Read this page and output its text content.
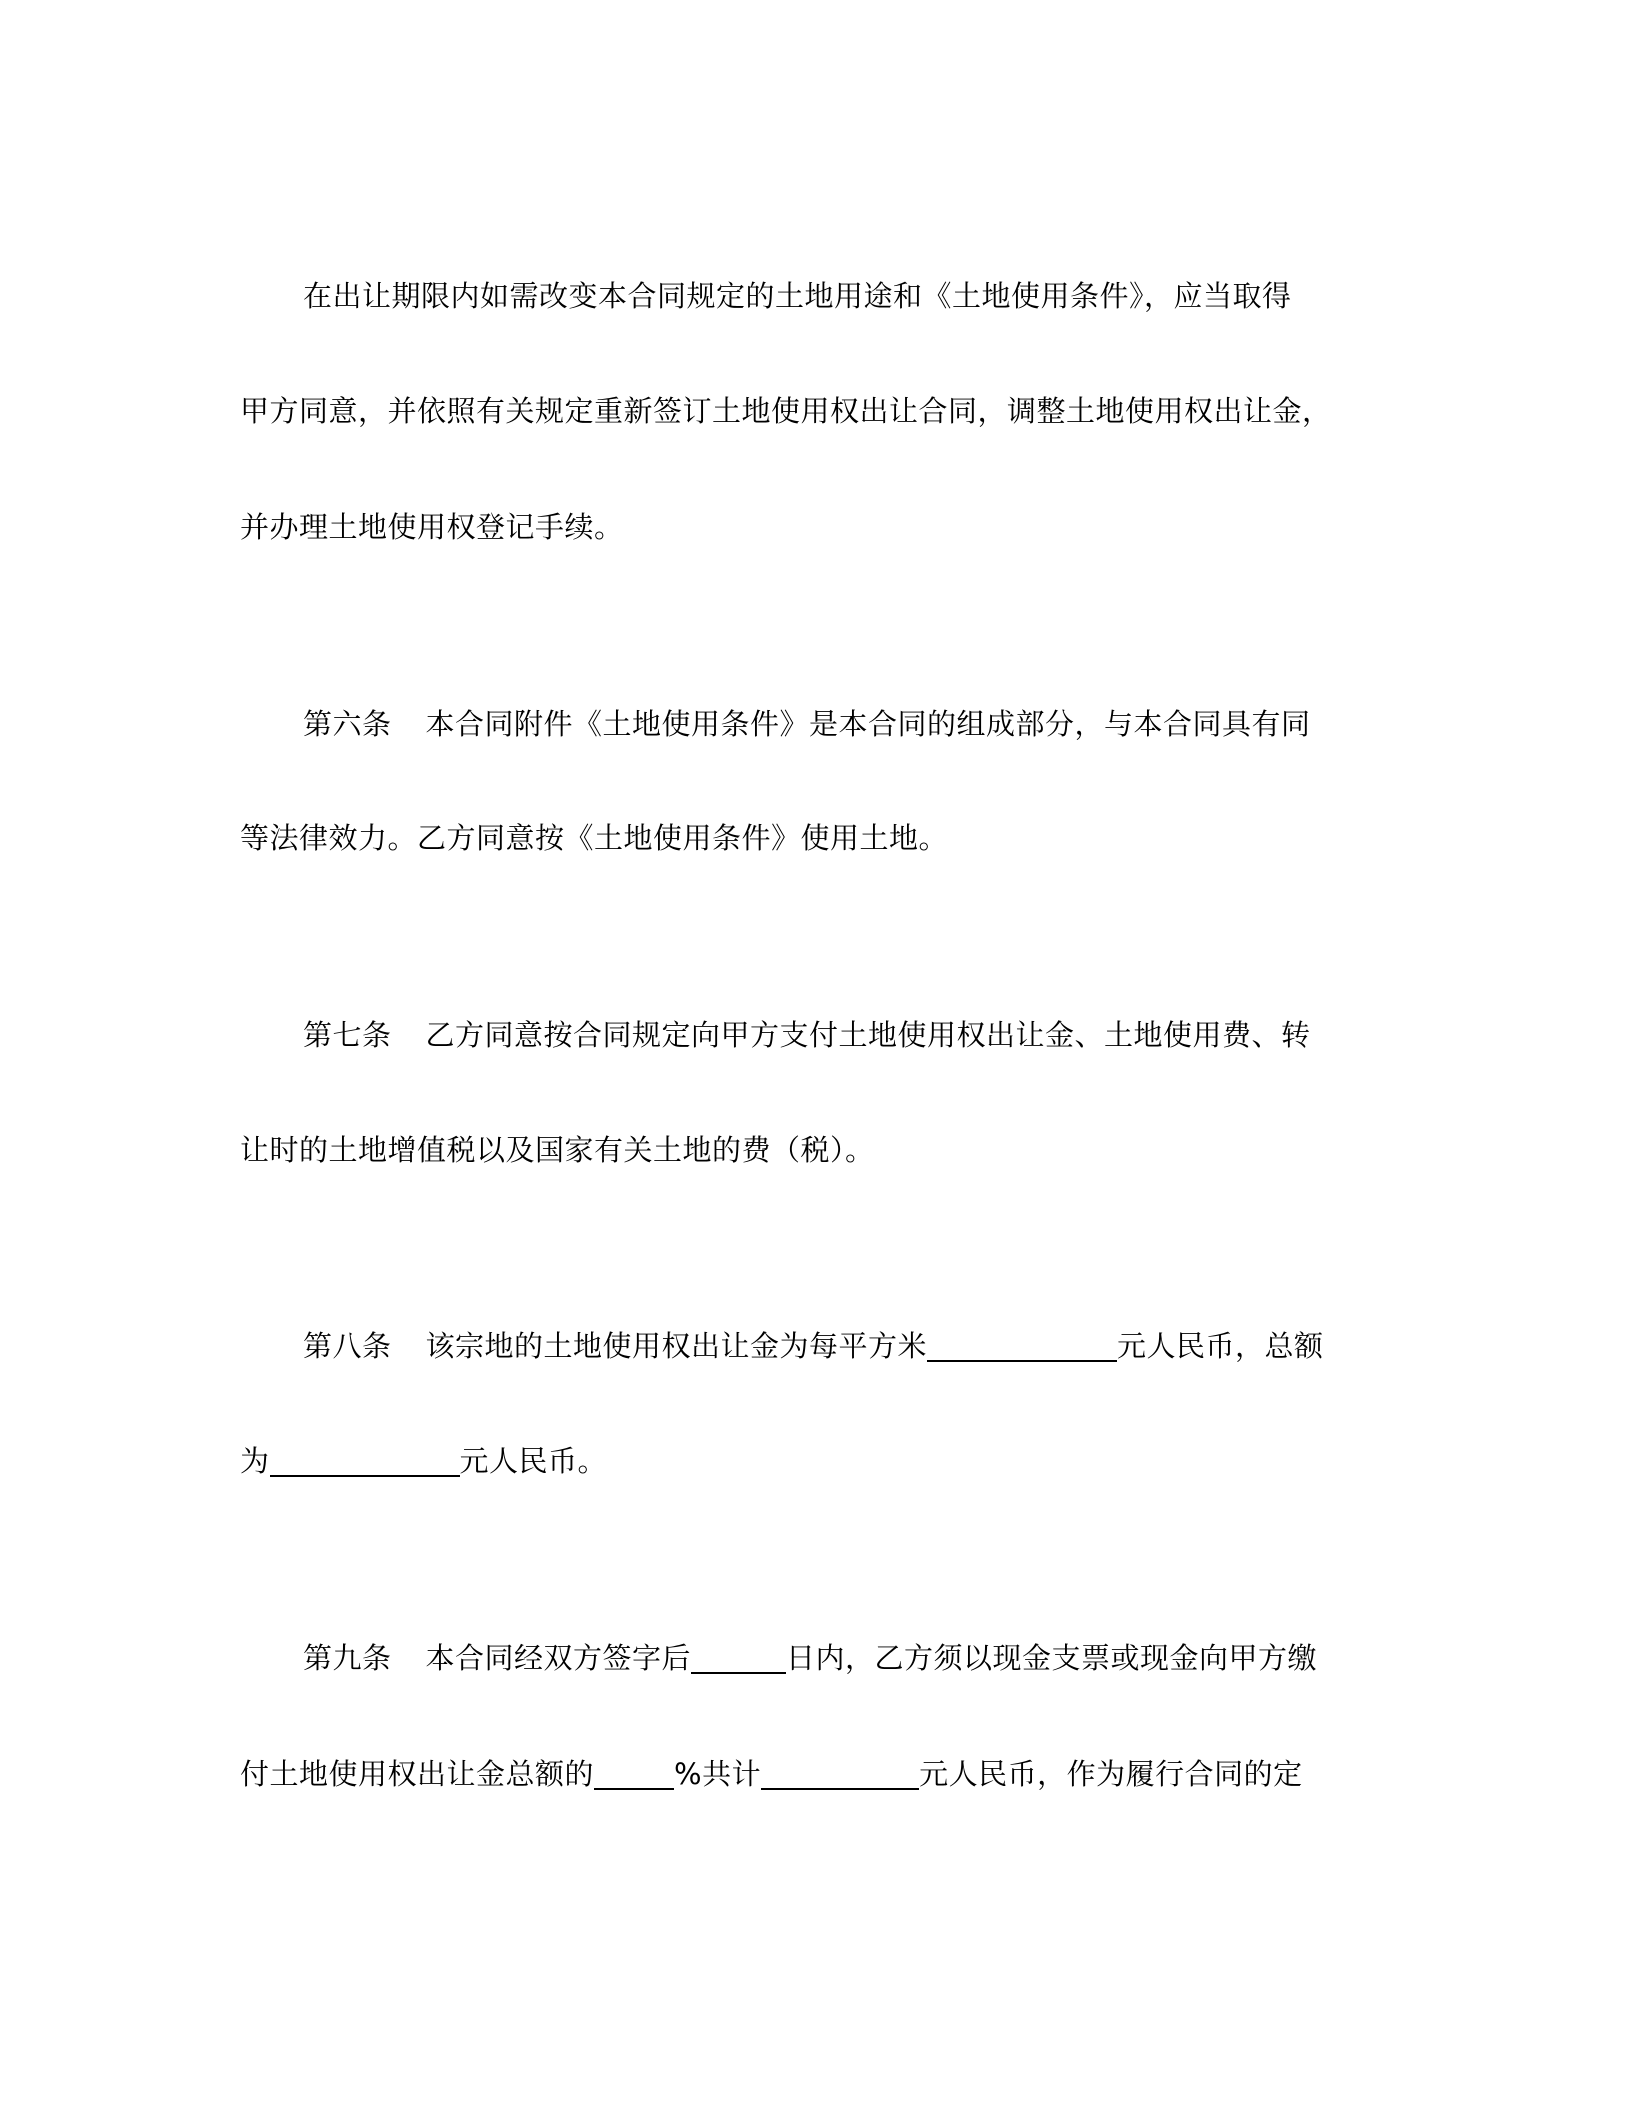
在出让期限内如需改变本合同规定的土地用途和《土地使用条件》，应当取得
甲方同意，并依照有关规定重新签订土地使用权出让合同，调整土地使用权出让金，
并办理土地使用权登记手续。
第六条 本合同附件《土地使用条件》是本合同的组成部分，与本合同具有同
等法律效力。乙方同意按《土地使用条件》使用土地。
第七条 乙方同意按合同规定向甲方支付土地使用权出让金、土地使用费、转
让时的土地增值税以及国家有关土地的费（税）。
第八条 该宗地的土地使用权出让金为每平方米	元人民币，总额
为	元人民币。
第九条 本合同经双方签字后	日内，乙方须以现金支票或现金向甲方缴
付土地使用权出让金总额的	%共计	元人民币，作为履行合同的定
